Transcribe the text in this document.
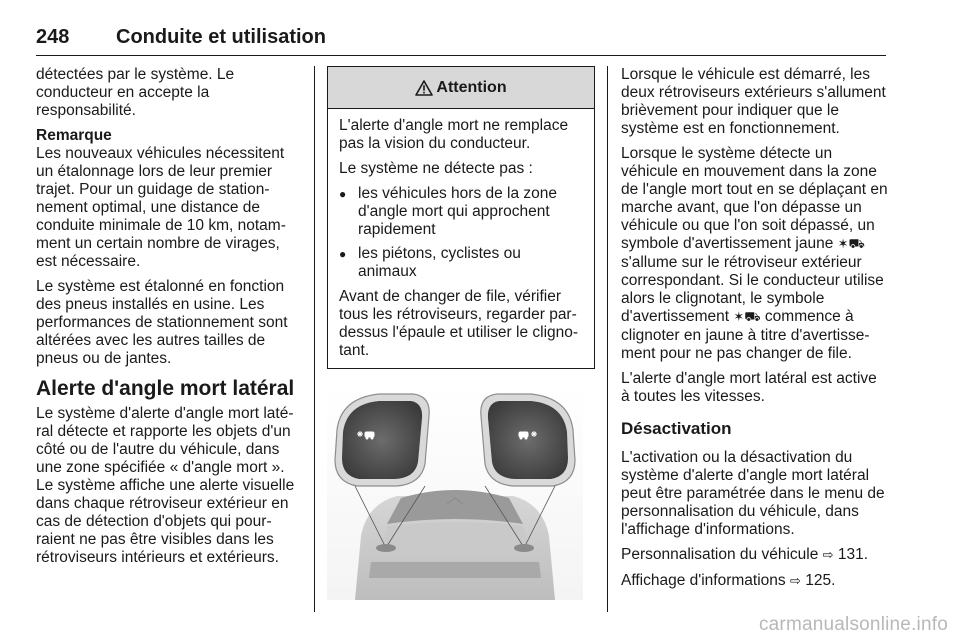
248 Conduite et utilisation

détectées par le système. Le conducteur en accepte la responsabilité.

Remarque

Les nouveaux véhicules nécessitent un étalonnage lors de leur premier trajet. Pour un guidage de stationnement optimal, une distance de conduite minimale de 10 km, notamment un certain nombre de virages, est nécessaire.

Le système est étalonné en fonction des pneus installés en usine. Les performances de stationnement sont altérées avec les autres tailles de pneus ou de jantes.

Alerte d'angle mort latéral

Le système d'alerte d'angle mort latéral détecte et rapporte les objets d'un côté ou de l'autre du véhicule, dans une zone spécifiée « d'angle mort ».

Le système affiche une alerte visuelle dans chaque rétroviseur extérieur en cas de détection d'objets qui pourraient ne pas être visibles dans les rétroviseurs intérieurs et extérieurs.

Attention

L'alerte d'angle mort ne remplace pas la vision du conducteur.

Le système ne détecte pas :

● les véhicules hors de la zone d'angle mort qui approchent rapidement
● les piétons, cyclistes ou animaux

Avant de changer de file, vérifier tous les rétroviseurs, regarder par-dessus l'épaule et utiliser le clignotant.

Lorsque le véhicule est démarré, les deux rétroviseurs extérieurs s'allument brièvement pour indiquer que le système est en fonctionnement.

Lorsque le système détecte un véhicule en mouvement dans la zone de l'angle mort tout en se déplaçant en marche avant, que l'on dépasse un véhicule ou que l'on soit dépassé, un symbole d'avertissement jaune ✶⛟ s'allume sur le rétroviseur extérieur correspondant. Si le conducteur utilise alors le clignotant, le symbole d'avertissement ✶⛟ commence à clignoter en jaune à titre d'avertissement pour ne pas changer de file.

L'alerte d'angle mort latéral est active à toutes les vitesses.

Désactivation

L'activation ou la désactivation du système d'alerte d'angle mort latéral peut être paramétrée dans le menu de personnalisation du véhicule, dans l'affichage d'informations.

Personnalisation du véhicule ⇨ 131.

Affichage d'informations ⇨ 125.

carmanualsonline.info
